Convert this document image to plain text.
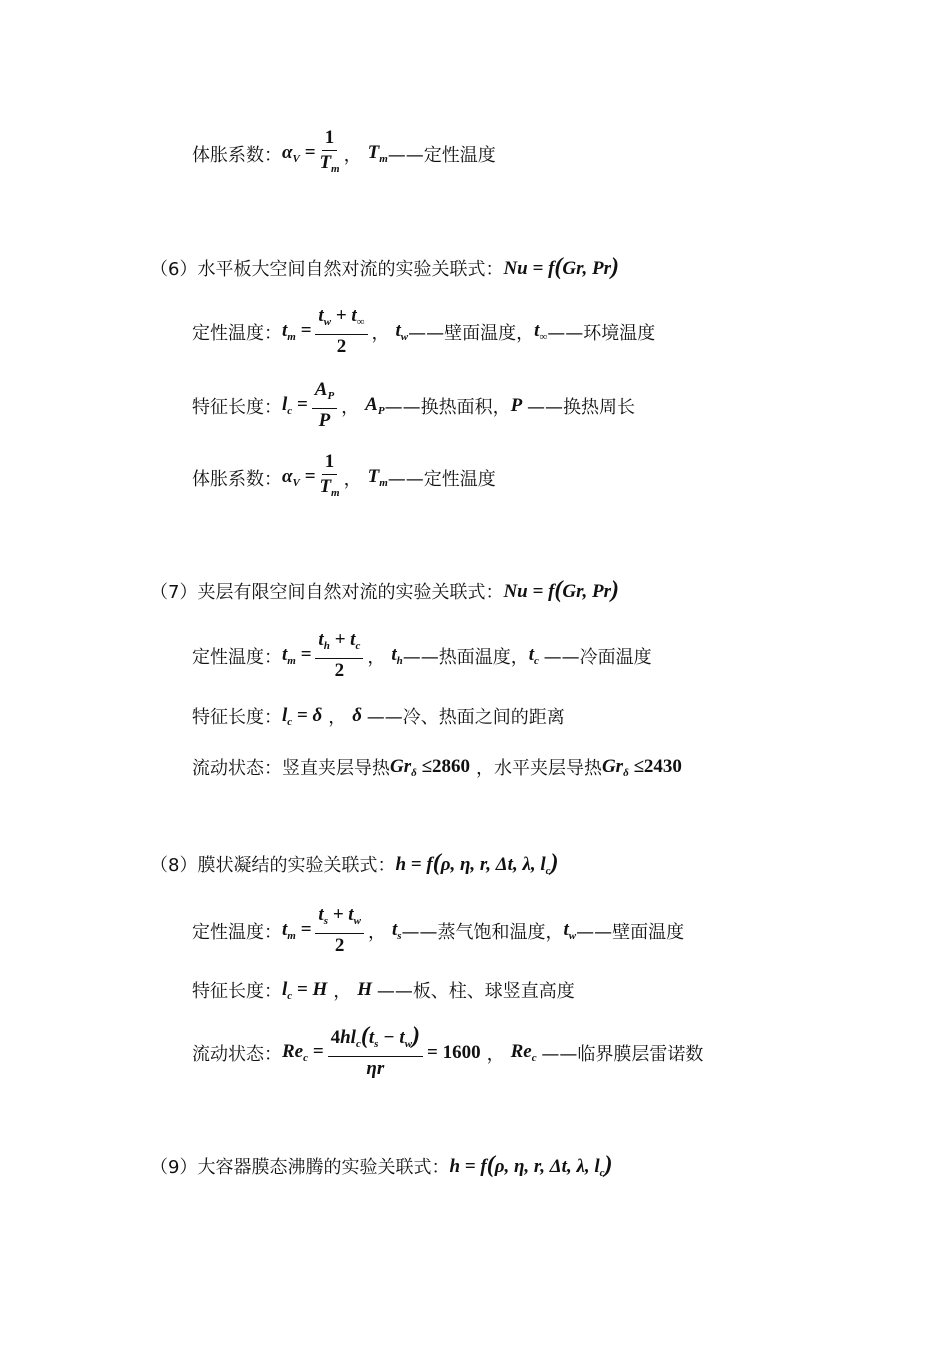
体胀系数： $\alpha_V = \frac{1}{T_m}$ ， $T_m$ ——定性温度
（6）水平板大空间自然对流的实验关联式： Nu = f(Gr, Pr)
定性温度： $t_m = \frac{t_w + t_\infty}{2}$ ， $t_w$ ——壁面温度， $t_\infty$ ——环境温度
特征长度： $l_c = \frac{A_P}{P}$ ， $A_P$ ——换热面积， P ——换热周长
体胀系数： $\alpha_V = \frac{1}{T_m}$ ， $T_m$ ——定性温度
（7）夹层有限空间自然对流的实验关联式： Nu = f(Gr, Pr)
定性温度： $t_m = \frac{t_h + t_c}{2}$ ， $t_h$ ——热面温度， $t_c$ ——冷面温度
特征长度： $l_c = \delta$ ， δ ——冷、热面之间的距离
流动状态：竖直夹层导热 $Gr_\delta \le 2860$ ，水平夹层导热 $Gr_\delta \le 2430$
（8）膜状凝结的实验关联式： h = f(ρ, η, r, Δt, λ, $l_c$)
定性温度： $t_m = \frac{t_s + t_w}{2}$ ， $t_s$ ——蒸气饱和温度， $t_w$ ——壁面温度
特征长度： $l_c = H$ ， H ——板、柱、球竖直高度
流动状态： $Re_c = \frac{4hl_c(t_s - t_w)}{\eta r} = 1600$ ， $Re_c$ ——临界膜层雷诺数
（9）大容器膜态沸腾的实验关联式： h = f(ρ, η, r, Δt, λ, $l_c$)
